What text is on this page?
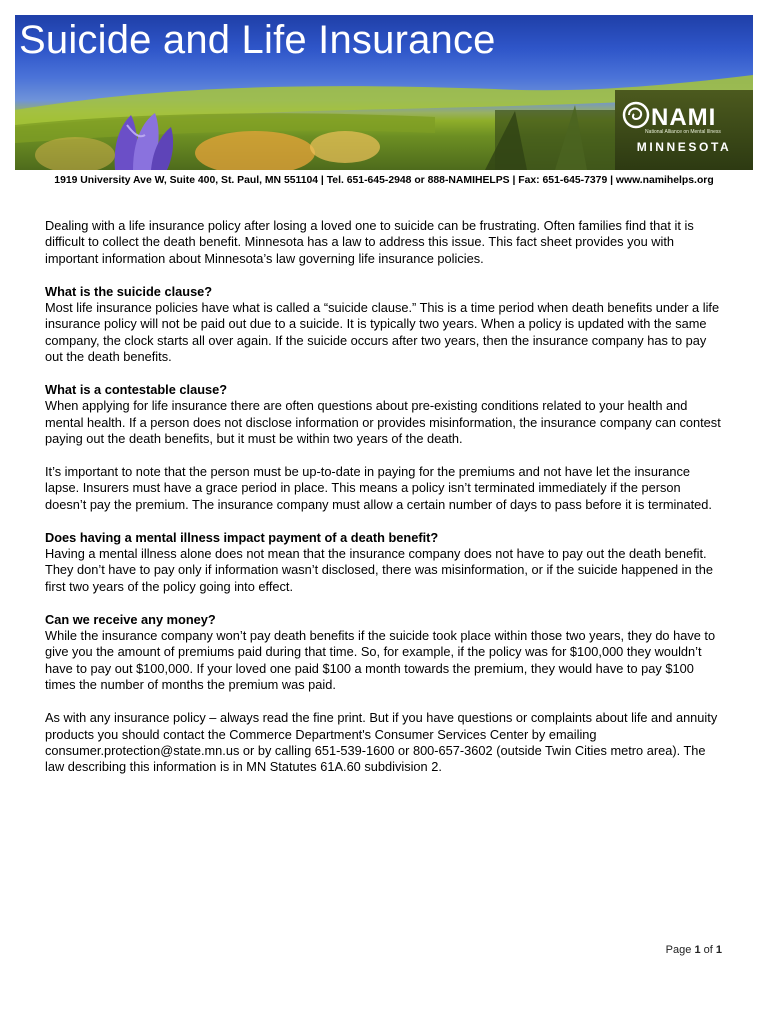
Suicide and Life Insurance
NAMI
National Alliance on Mental Illness
MINNESOTA
1919 University Ave W, Suite 400, St. Paul, MN 551104 | Tel. 651-645-2948 or 888-NAMIHELPS | Fax: 651-645-7379 | www.namihelps.org

Dealing with a life insurance policy after losing a loved one to suicide can be frustrating. Often families find that it is difficult to collect the death benefit. Minnesota has a law to address this issue. This fact sheet provides you with important information about Minnesota’s law governing life insurance policies.

What is the suicide clause?

Most life insurance policies have what is called a “suicide clause.” This is a time period when death benefits under a life insurance policy will not be paid out due to a suicide. It is typically two years. When a policy is updated with the same company, the clock starts all over again. If the suicide occurs after two years, then the insurance company has to pay out the death benefits.

What is a contestable clause?

When applying for life insurance there are often questions about pre-existing conditions related to your health and mental health. If a person does not disclose information or provides misinformation, the insurance company can contest paying out the death benefits, but it must be within two years of the death.

It’s important to note that the person must be up-to-date in paying for the premiums and not have let the insurance lapse. Insurers must have a grace period in place. This means a policy isn’t terminated immediately if the person doesn’t pay the premium. The insurance company must allow a certain number of days to pass before it is terminated.

Does having a mental illness impact payment of a death benefit?

Having a mental illness alone does not mean that the insurance company does not have to pay out the death benefit. They don’t have to pay only if information wasn’t disclosed, there was misinformation, or if the suicide happened in the first two years of the policy going into effect.

Can we receive any money?

While the insurance company won’t pay death benefits if the suicide took place within those two years, they do have to give you the amount of premiums paid during that time. So, for example, if the policy was for $100,000 they wouldn’t have to pay out $100,000. If your loved one paid $100 a month towards the premium, they would have to pay $100 times the number of months the premium was paid.

As with any insurance policy – always read the fine print. But if you have questions or complaints about life and annuity products you should contact the Commerce Department's Consumer Services Center by emailing consumer.protection@state.mn.us or by calling 651-539-1600 or 800-657-3602 (outside Twin Cities metro area). The law describing this information is in MN Statutes 61A.60 subdivision 2.

Page 1 of 1
